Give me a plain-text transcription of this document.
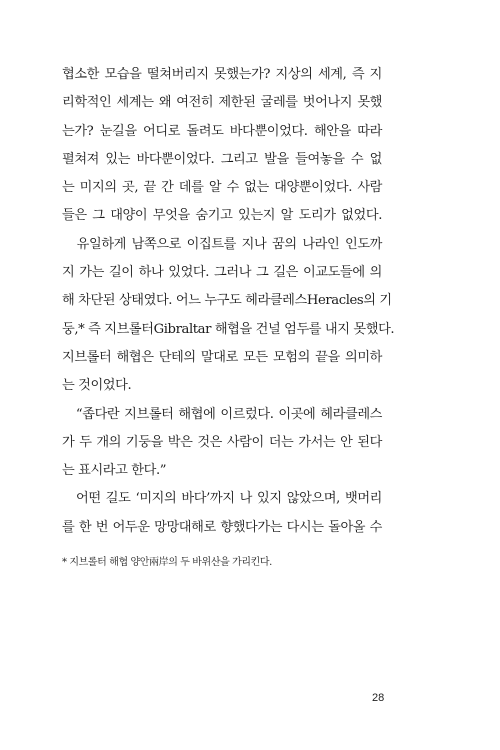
협소한 모습을 떨쳐버리지 못했는가? 지상의 세계, 즉 지
리학적인 세계는 왜 여전히 제한된 굴레를 벗어나지 못했
는가? 눈길을 어디로 돌려도 바다뿐이었다. 해안을 따라
펼쳐져 있는 바다뿐이었다. 그리고 발을 들여놓을 수 없
는 미지의 곳, 끝 간 데를 알 수 없는 대양뿐이었다. 사람
들은 그 대양이 무엇을 숨기고 있는지 알 도리가 없었다.
　유일하게 남쪽으로 이집트를 지나 꿈의 나라인 인도까
지 가는 길이 하나 있었다. 그러나 그 길은 이교도들에 의
해 차단된 상태였다. 어느 누구도 헤라클레스Heracles의 기
둥,* 즉 지브롤터Gibraltar 해협을 건널 엄두를 내지 못했다.
지브롤터 해협은 단테의 말대로 모든 모험의 끝을 의미하
는 것이었다.
　“좁다란 지브롤터 해협에 이르렀다. 이곳에 헤라클레스
가 두 개의 기둥을 박은 것은 사람이 더는 가서는 안 된다
는 표시라고 한다.”
　어떤 길도 ‘미지의 바다’까지 나 있지 않았으며, 뱃머리
를 한 번 어두운 망망대해로 향했다가는 다시는 돌아올 수
* 지브롤터 해협 양안兩岸의 두 바위산을 가리킨다.
28
